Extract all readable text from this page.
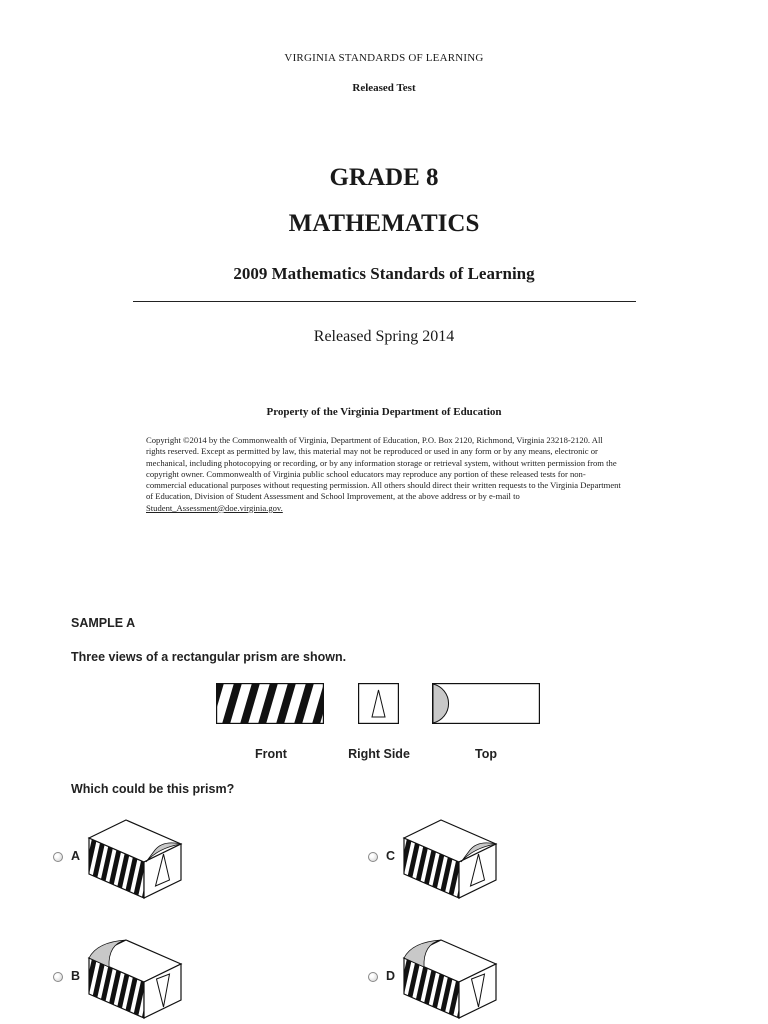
VIRGINIA STANDARDS OF LEARNING
Released Test
GRADE 8
MATHEMATICS
2009 Mathematics Standards of Learning
Released Spring 2014
Property of the Virginia Department of Education
Copyright ©2014 by the Commonwealth of Virginia, Department of Education, P.O. Box 2120, Richmond, Virginia 23218-2120. All rights reserved. Except as permitted by law, this material may not be reproduced or used in any form or by any means, electronic or mechanical, including photocopying or recording, or by any information storage or retrieval system, without written permission from the copyright owner. Commonwealth of Virginia public school educators may reproduce any portion of these released tests for non-commercial educational purposes without requesting permission. All others should direct their written requests to the Virginia Department of Education, Division of Student Assessment and School Improvement, at the above address or by e-mail to Student_Assessment@doe.virginia.gov.
SAMPLE A
Three views of a rectangular prism are shown.
Front	Right Side	Top
Which could be this prism?
A	C
B	D
